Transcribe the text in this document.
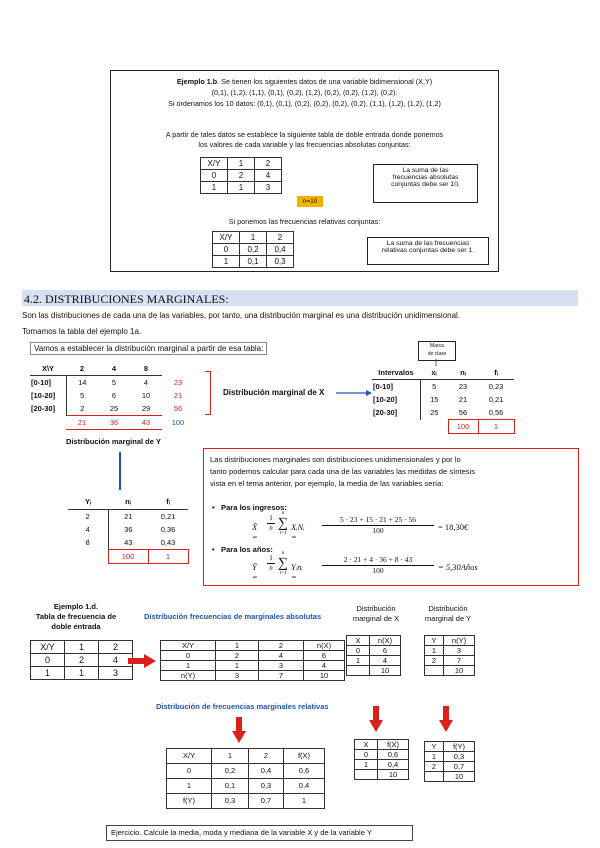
Ejemplo 1.b. Se tienen los siguientes datos de una variable bidimensional (X,Y)
(0,1), (1,2), (1,1), (0,1), (0,2), (1,2), (0,2), (0,2), (1,2), (0,2).
Si ordenamos los 10 datos: (0,1), (0,1), (0,2), (0,2), (0,2), (0,2), (1,1), (1,2), (1,2), (1,2)
A partir de tales datos se establece la siguiente tabla de doble entrada donde ponemos
los valores de cada variable y las frecuencias absolutas conjuntas:
X/Y	1	2
0	2	4
1	1	3
n=10
La suma de las
frecuencias absolutas
conjuntas debe ser 10.
Si ponemos las frecuencias relativas conjuntas:
X/Y	1	2
0	0,2	0,4
1	0,1	0,3
La suma de las frecuencias
relativas conjuntas debe ser 1.
4.2. DISTRIBUCIONES MARGINALES:
Son las distribuciones de cada una de las variables, por tanto, una distribución marginal es una distribución unidimensional.
Tomamos la tabla del ejemplo 1a.
Vamos a establecer la distribución marginal a partir de esa tabla:
X\Y	2	4	8	
[0-10]	14	5	4	23
[10-20]	5	6	10	21
[20-30]	2	25	29	56
	21	36	43	100
Distribución marginal de X
Marca
de clase
Intervalos	xᵢ	nᵢ	fᵢ
[0-10]	5	23	0,23
[10-20]	15	21	0,21
[20-30]	25	56	0,56
		100	1
Distribución marginal de Y
Yᵢ	nᵢ	fᵢ
2	21	0,21
4	36	0,36
8	43	0,43
	100	1
Las distribuciones marginales son distribuciones unidimensionales y por lo
tanto podemos calcular para cada una de las variables las medidas de síntesis
vista en el tema anterior, por ejemplo, la media de las variables sería:
•   Para los ingresos:
X̄ =
1
n
n
∑
i=1
XᵢNᵢ =
5 · 23 + 15 · 21 + 25 · 56
100	= 18,30€
•   Para los años:
Ȳ =
1
n
n
∑
i=1
Yᵢnᵢ =
2 · 21 + 4 · 36 + 8 · 43
100	= 5,30Años
Ejemplo 1.d.
Tabla de frecuencia de
doble entrada
X/Y	1	2
0	2	4
1	1	3
Distribución frecuencias de marginales absolutas
X/Y	1	2	n(X)
0	2	4	6
1	1	3	4
n(Y)	3	7	10
Distribución
marginal de X
Distribución
marginal de Y
X	n(X)
0	6
1	4
	10
Y	n(Y)
1	3
2	7
	10
Distribución de frecuencias marginales relativas
X/Y	1	2	f(X)
0	0,2	0,4	0,6
1	0,1	0,3	0,4
f(Y)	0,3	0,7	1
X	f(X)
0	0,6
1	0,4
	10
Y	f(Y)
1	0,3
2	0,7
	10
Ejercicio. Calcule la media, moda y mediana de la variable X y de la variable Y
